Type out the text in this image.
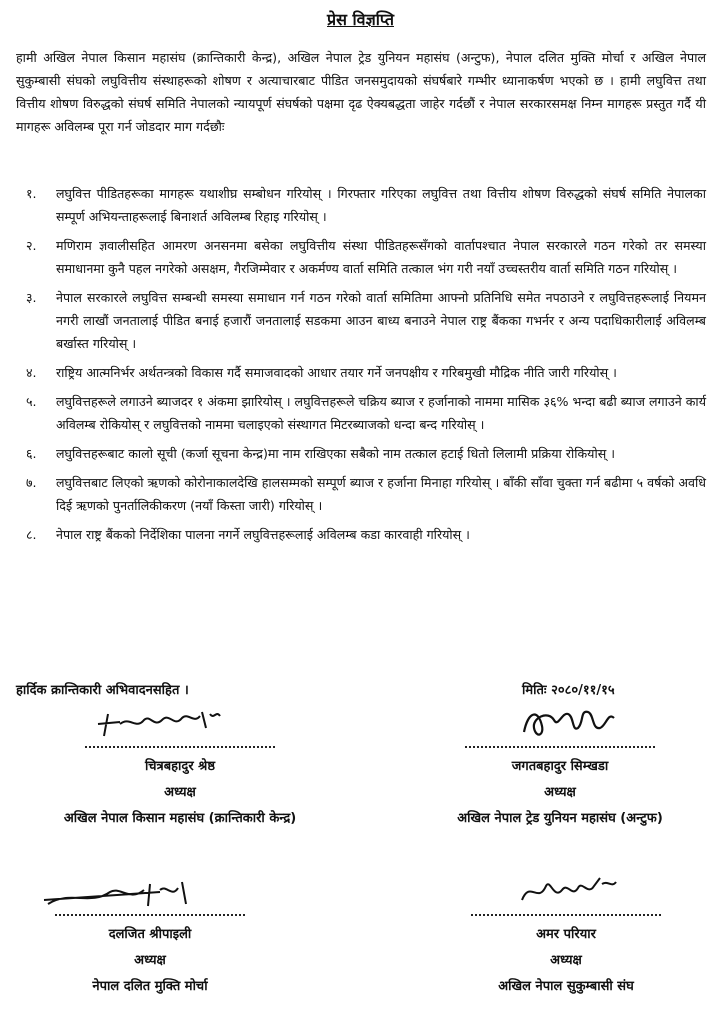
प्रेस विज्ञप्ति
हामी अखिल नेपाल किसान महासंघ (क्रान्तिकारी केन्द्र), अखिल नेपाल ट्रेड युनियन महासंघ (अन्टुफ), नेपाल दलित मुक्ति मोर्चा र अखिल नेपाल सुकुम्बासी संघको लघुवित्तीय संस्थाहरूको शोषण र अत्याचारबाट पीडित जनसमुदायको संघर्षबारे गम्भीर ध्यानाकर्षण भएको छ । हामी लघुवित्त तथा वित्तीय शोषण विरुद्धको संघर्ष समिति नेपालको न्यायपूर्ण संघर्षको पक्षमा दृढ ऐक्यबद्धता जाहेर गर्दछौं र नेपाल सरकारसमक्ष निम्न मागहरू प्रस्तुत गर्दै यी मागहरू अविलम्ब पूरा गर्न जोडदार माग गर्दछौः
१. लघुवित्त पीडितहरूका मागहरू यथाशीघ्र सम्बोधन गरियोस् । गिरफ्तार गरिएका लघुवित्त तथा वित्तीय शोषण विरुद्धको संघर्ष समिति नेपालका सम्पूर्ण अभियन्ताहरूलाई बिनाशर्त अविलम्ब रिहाइ गरियोस् ।
२. मणिराम ज्ञवालीसहित आमरण अनसनमा बसेका लघुवित्तीय संस्था पीडितहरूसँगको वार्तापश्चात नेपाल सरकारले गठन गरेको तर समस्या समाधानमा कुनै पहल नगरेको असक्षम, गैरजिम्मेवार र अकर्मण्य वार्ता समिति तत्काल भंग गरी नयाँ उच्चस्तरीय वार्ता समिति गठन गरियोस् ।
३. नेपाल सरकारले लघुवित्त सम्बन्धी समस्या समाधान गर्न गठन गरेको वार्ता समितिमा आफ्नो प्रतिनिधि समेत नपठाउने र लघुवित्तहरूलाई नियमन नगरी लाखौं जनतालाई पीडित बनाई हजारौं जनतालाई सडकमा आउन बाध्य बनाउने नेपाल राष्ट्र बैंकका गभर्नर र अन्य पदाधिकारीलाई अविलम्ब बर्खास्त गरियोस् ।
४. राष्ट्रिय आत्मनिर्भर अर्थतन्त्रको विकास गर्दै समाजवादको आधार तयार गर्ने जनपक्षीय र गरिबमुखी मौद्रिक नीति जारी गरियोस् ।
५. लघुवित्तहरूले लगाउने ब्याजदर १ अंकमा झारियोस् । लघुवित्तहरूले चक्रिय ब्याज र हर्जानाको नाममा मासिक ३६% भन्दा बढी ब्याज लगाउने कार्य अविलम्ब रोकियोस् र लघुवित्तको नाममा चलाइएको संस्थागत मिटरब्याजको धन्दा बन्द गरियोस् ।
६. लघुवित्तहरूबाट कालो सूची (कर्जा सूचना केन्द्र)मा नाम राखिएका सबैको नाम तत्काल हटाई धितो लिलामी प्रक्रिया रोकियोस् ।
७. लघुवित्तबाट लिएको ऋणको कोरोनाकालदेखि हालसम्मको सम्पूर्ण ब्याज र हर्जाना मिनाहा गरियोस् । बाँकी साँवा चुक्ता गर्न बढीमा ५ वर्षको अवधि दिई ऋणको पुनर्तालिकीकरण (नयाँ किस्ता जारी) गरियोस् ।
८. नेपाल राष्ट्र बैंकको निर्देशिका पालना नगर्ने लघुवित्तहरूलाई अविलम्ब कडा कारवाही गरियोस् ।
हार्दिक क्रान्तिकारी अभिवादनसहित ।	मितिः २०८०/११/१५
चित्रबहादुर श्रेष्ठ
अध्यक्ष
अखिल नेपाल किसान महासंघ (क्रान्तिकारी केन्द्र)
जगतबहादुर सिम्खडा
अध्यक्ष
अखिल नेपाल ट्रेड युनियन महासंघ (अन्टुफ)
दलजित श्रीपाइली
अध्यक्ष
नेपाल दलित मुक्ति मोर्चा
अमर परियार
अध्यक्ष
अखिल नेपाल सुकुम्बासी संघ
